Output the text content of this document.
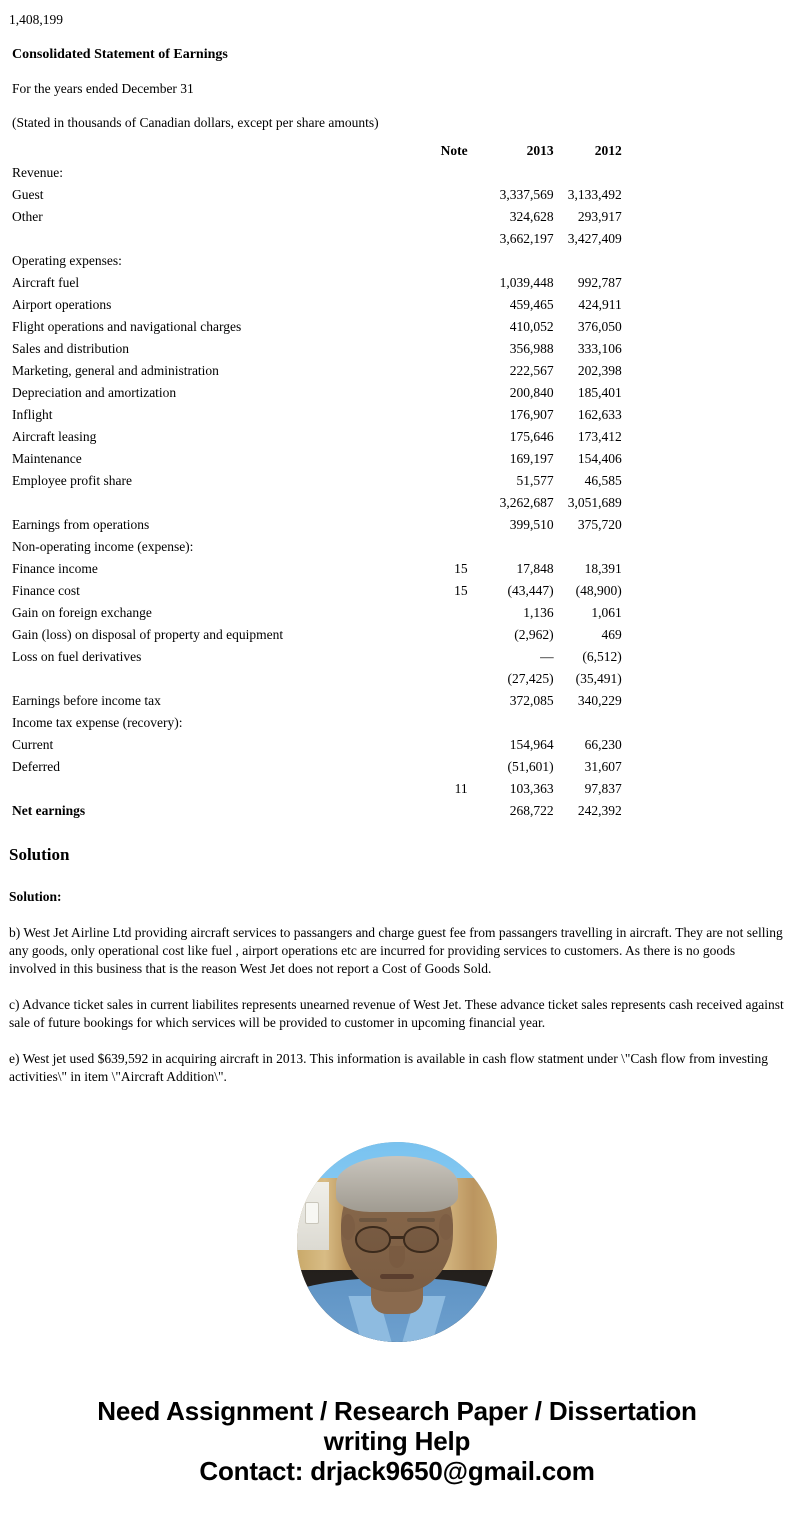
1,408,199
Consolidated Statement of Earnings
For the years ended December 31
(Stated in thousands of Canadian dollars, except per share amounts)
	Note	2013	2012	
Revenue:				
Guest		3,337,569	3,133,492	
Other		324,628	293,917	
		3,662,197	3,427,409	
Operating expenses:				
Aircraft fuel		1,039,448	992,787	
Airport operations		459,465	424,911	
Flight operations and navigational charges		410,052	376,050	
Sales and distribution		356,988	333,106	
Marketing, general and administration		222,567	202,398	
Depreciation and amortization		200,840	185,401	
Inflight		176,907	162,633	
Aircraft leasing		175,646	173,412	
Maintenance		169,197	154,406	
Employee profit share		51,577	46,585	
		3,262,687	3,051,689	
Earnings from operations		399,510	375,720	
Non-operating income (expense):				
Finance income	15	17,848	18,391	
Finance cost	15	(43,447)	(48,900)	
Gain on foreign exchange		1,136	1,061	
Gain (loss) on disposal of property and equipment		(2,962)	469	
Loss on fuel derivatives		—	(6,512)	
		(27,425)	(35,491)	
Earnings before income tax		372,085	340,229	
Income tax expense (recovery):				
Current		154,964	66,230	
Deferred		(51,601)	31,607	
	11	103,363	97,837	
Net earnings		268,722	242,392	
Solution
Solution:
b) West Jet Airline Ltd providing aircraft services to passangers and charge guest fee from passangers travelling in aircraft. They are not selling any goods, only operational cost like fuel , airport operations etc are incurred for providing services to customers. As there is no goods involved in this business that is the reason West Jet does not report a Cost of Goods Sold.
c) Advance ticket sales in current liabilites represents unearned revenue of West Jet. These advance ticket sales represents cash received against sale of future bookings for which services will be provided to customer in upcoming financial year.
e) West jet used $639,592 in acquiring aircraft in 2013. This information is available in cash flow statment under \"Cash flow from investing activities\" in item \"Aircraft Addition\".
Need Assignment / Research Paper / Dissertation
writing Help
Contact: drjack9650@gmail.com
